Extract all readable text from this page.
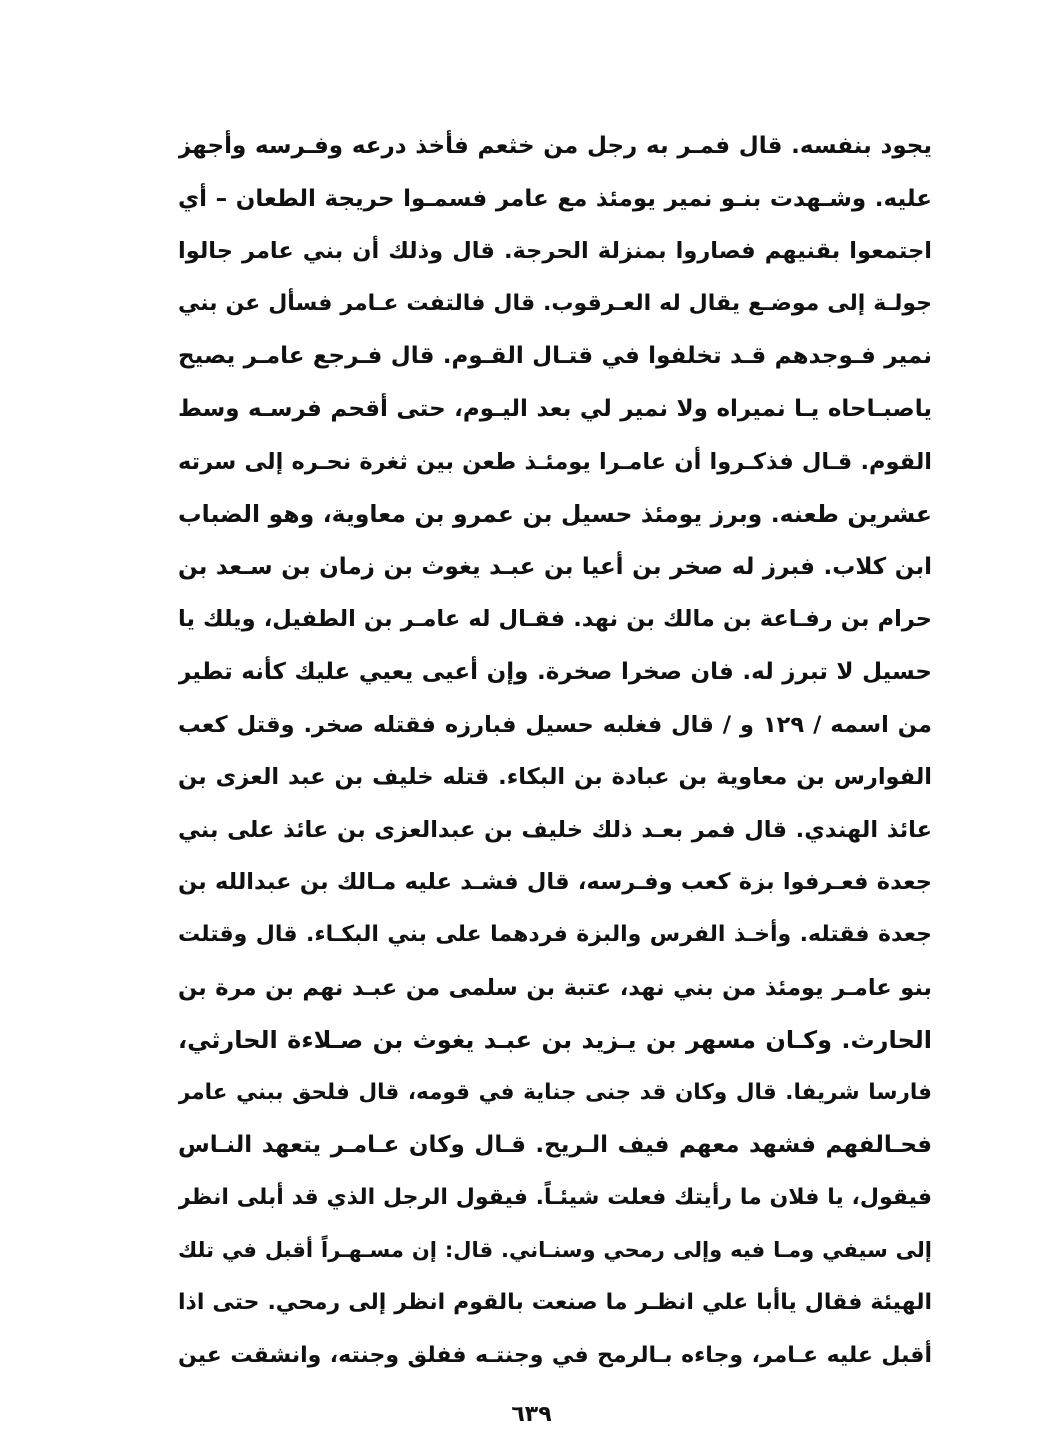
يجود بنفسه. قال فمـر به رجل من خثعم فأخذ درعه وفـرسه وأجهز
عليه. وشـهدت بنـو نمير يومئذ مع عامر فسمـوا حريجة الطعان – أي
اجتمعوا بقنيهم فصاروا بمنزلة الحرجة. قال وذلك أن بني عامر جالوا
جولـة إلى موضـع يقال له العـرقوب. قال فالتفت عـامر فسأل عن بني
نمير فـوجدهم قـد تخلفوا في قتـال القـوم. قال فـرجع عامـر يصيح
ياصبـاحاه يـا نميراه ولا نمير لي بعد اليـوم، حتى أقحم فرسـه وسط
القوم. قـال فذكـروا أن عامـرا يومئـذ طعن بين ثغرة نحـره إلى سرته
عشرين طعنه. وبرز يومئذ حسيل بن عمرو بن معاوية، وهو الضباب
ابن كلاب. فبرز له صخر بن أعيا بن عبـد يغوث بن زمان بن سـعد بن
حرام بن رفـاعة بن مالك بن نهد. فقـال له عامـر بن الطفيل، ويلك يا
حسيل لا تبرز له. فان صخرا صخرة. وإن أعيى يعيي عليك كأنه تطير
من اسمه / ١٢٩ و / قال فغلبه حسيل فبارزه فقتله صخر. وقتل كعب
الفوارس بن معاوية بن عبادة بن البكاء. قتله خليف بن عبد العزى بن
عائذ الهندي. قال فمر بعـد ذلك خليف بن عبدالعزى بن عائذ على بني
جعدة فعـرفوا بزة كعب وفـرسه، قال فشـد عليه مـالك بن عبدالله بن
جعدة فقتله. وأخـذ الفرس والبزة فردهما على بني البكـاء. قال وقتلت
بنو عامـر يومئذ من بني نهد، عتبة بن سلمى من عبـد نهم بن مرة بن
الحارث. وكـان مسهر بن يـزيد بن عبـد يغوث بن صـلاءة الحارثي،
فارسا شريفا. قال وكان قد جنى جناية في قومه، قال فلحق ببني عامر
فحـالفهم فشهد معهم فيف الـريح. قـال وكان عـامـر يتعهد النـاس
فيقول، يا فلان ما رأيتك فعلت شيئـاً. فيقول الرجل الذي قد أبلى انظر
إلى سيفي ومـا فيه وإلى رمحي وسنـاني. قال: إن مسـهـراً أقبل في تلك
الهيئة فقال ياأبا علي انظـر ما صنعت بالقوم انظر إلى رمحي. حتى اذا
أقبل عليه عـامر، وجاءه بـالرمح في وجنتـه ففلق وجنته، وانشقت عين
٦٣٩
